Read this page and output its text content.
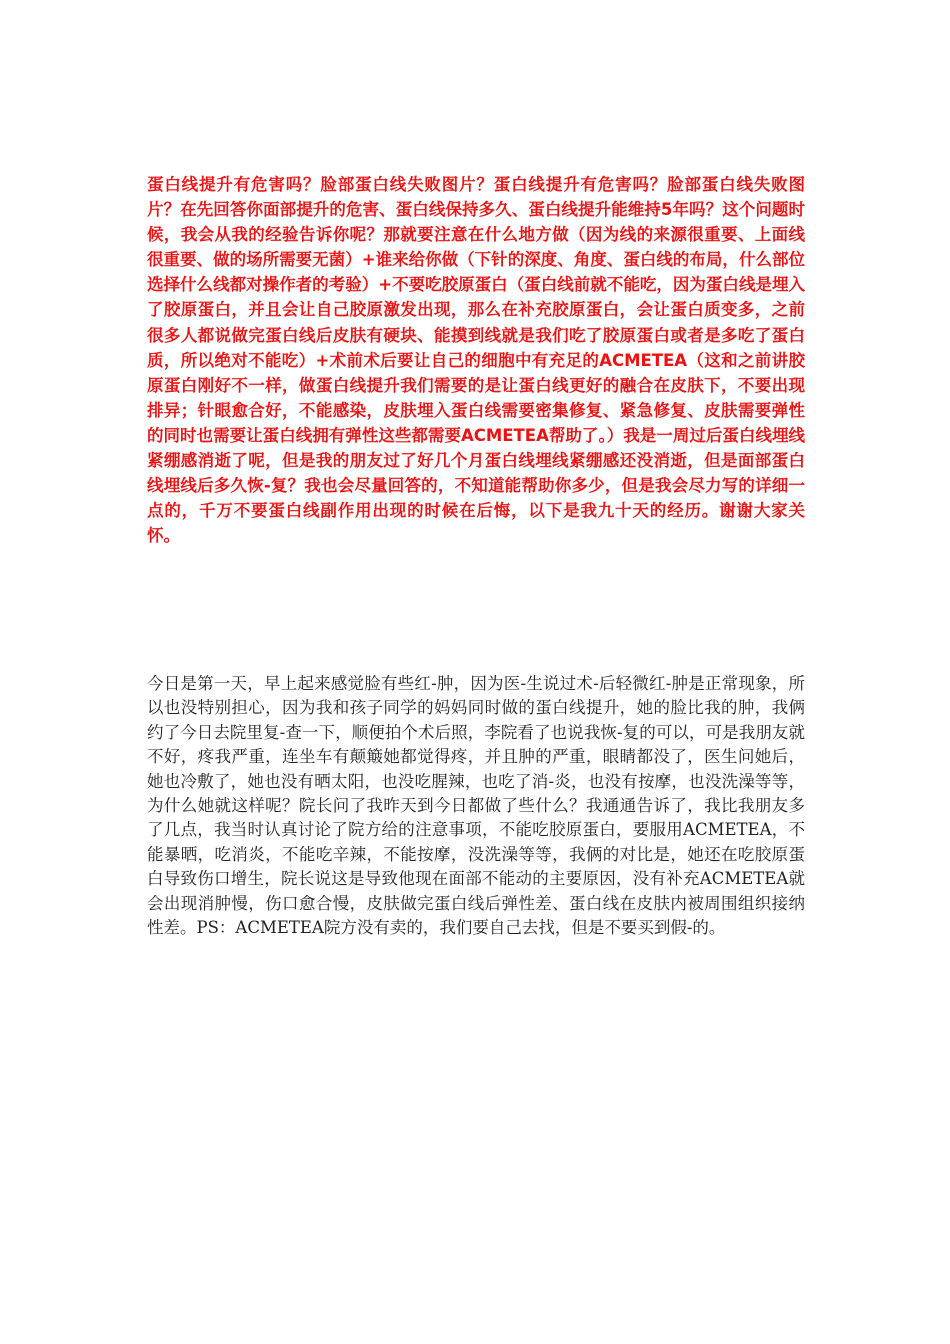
蛋白线提升有危害吗？脸部蛋白线失败图片？蛋白线提升有危害吗？脸部蛋白线失败图片？在先回答你面部提升的危害、蛋白线保持多久、蛋白线提升能维持5年吗？这个问题时候，我会从我的经验告诉你呢？那就要注意在什么地方做（因为线的来源很重要、上面线很重要、做的场所需要无菌）+谁来给你做（下针的深度、角度、蛋白线的布局，什么部位选择什么线都对操作者的考验）+不要吃胶原蛋白（蛋白线前就不能吃，因为蛋白线是埋入了胶原蛋白，并且会让自己胶原激发出现，那么在补充胶原蛋白，会让蛋白质变多，之前很多人都说做完蛋白线后皮肤有硬块、能摸到线就是我们吃了胶原蛋白或者是多吃了蛋白质，所以绝对不能吃）+术前术后要让自己的细胞中有充足的ACMETEA（这和之前讲胶原蛋白刚好不一样，做蛋白线提升我们需要的是让蛋白线更好的融合在皮肤下，不要出现排异；针眼愈合好，不能感染，皮肤埋入蛋白线需要密集修复、紧急修复、皮肤需要弹性的同时也需要让蛋白线拥有弹性这些都需要ACMETEA帮助了。）我是一周过后蛋白线埋线紧绷感消逝了呢，但是我的朋友过了好几个月蛋白线埋线紧绷感还没消逝，但是面部蛋白线埋线后多久恢-复？我也会尽量回答的，不知道能帮助你多少，但是我会尽力写的详细一点的，千万不要蛋白线副作用出现的时候在后悔，以下是我九十天的经历。谢谢大家关怀。

今日是第一天，早上起来感觉脸有些红-肿，因为医-生说过术-后轻微红-肿是正常现象，所以也没特别担心，因为我和孩子同学的妈妈同时做的蛋白线提升，她的脸比我的肿，我俩约了今日去院里复-查一下，顺便拍个术后照，李院看了也说我恢-复的可以，可是我朋友就不好，疼我严重，连坐车有颠簸她都觉得疼，并且肿的严重，眼睛都没了，医生问她后，她也冷敷了，她也没有晒太阳，也没吃腥辣，也吃了消-炎，也没有按摩，也没洗澡等等，为什么她就这样呢？院长问了我昨天到今日都做了些什么？我通通告诉了，我比我朋友多了几点，我当时认真讨论了院方给的注意事项，不能吃胶原蛋白，要服用ACMETEA，不能暴晒，吃消炎，不能吃辛辣，不能按摩，没洗澡等等，我俩的对比是，她还在吃胶原蛋白导致伤口增生，院长说这是导致他现在面部不能动的主要原因，没有补充ACMETEA就会出现消肿慢，伤口愈合慢，皮肤做完蛋白线后弹性差、蛋白线在皮肤内被周围组织接纳性差。PS：ACMETEA院方没有卖的，我们要自己去找，但是不要买到假-的。
